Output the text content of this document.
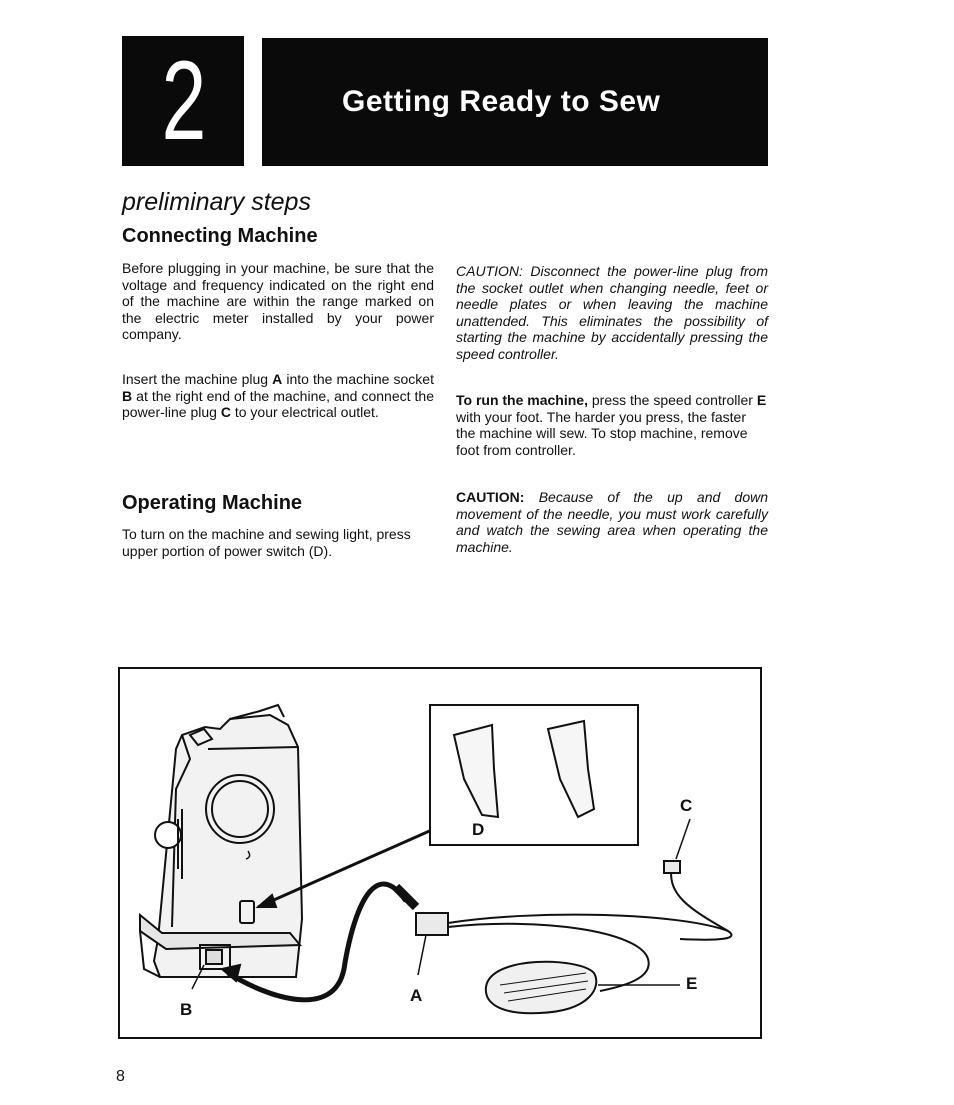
2	Getting Ready to Sew
preliminary steps
Connecting Machine

Before plugging in your machine, be sure that the voltage and frequency indicated on the right end of the machine are within the range marked on the electric meter installed by your power company.

Insert the machine plug A into the machine socket B at the right end of the machine, and connect the power-line plug C to your electrical outlet.

Operating Machine

To turn on the machine and sewing light, press upper portion of power switch (D).

CAUTION: Disconnect the power-line plug from the socket outlet when changing needle, feet or needle plates or when leaving the machine unattended. This eliminates the possibility of starting the machine by accidentally pressing the speed controller.

To run the machine, press the speed controller E with your foot. The harder you press, the faster the machine will sew. To stop machine, remove foot from controller.

CAUTION: Because of the up and down movement of the needle, you must work carefully and watch the sewing area when operating the machine.

C
D
A
B
E
8
